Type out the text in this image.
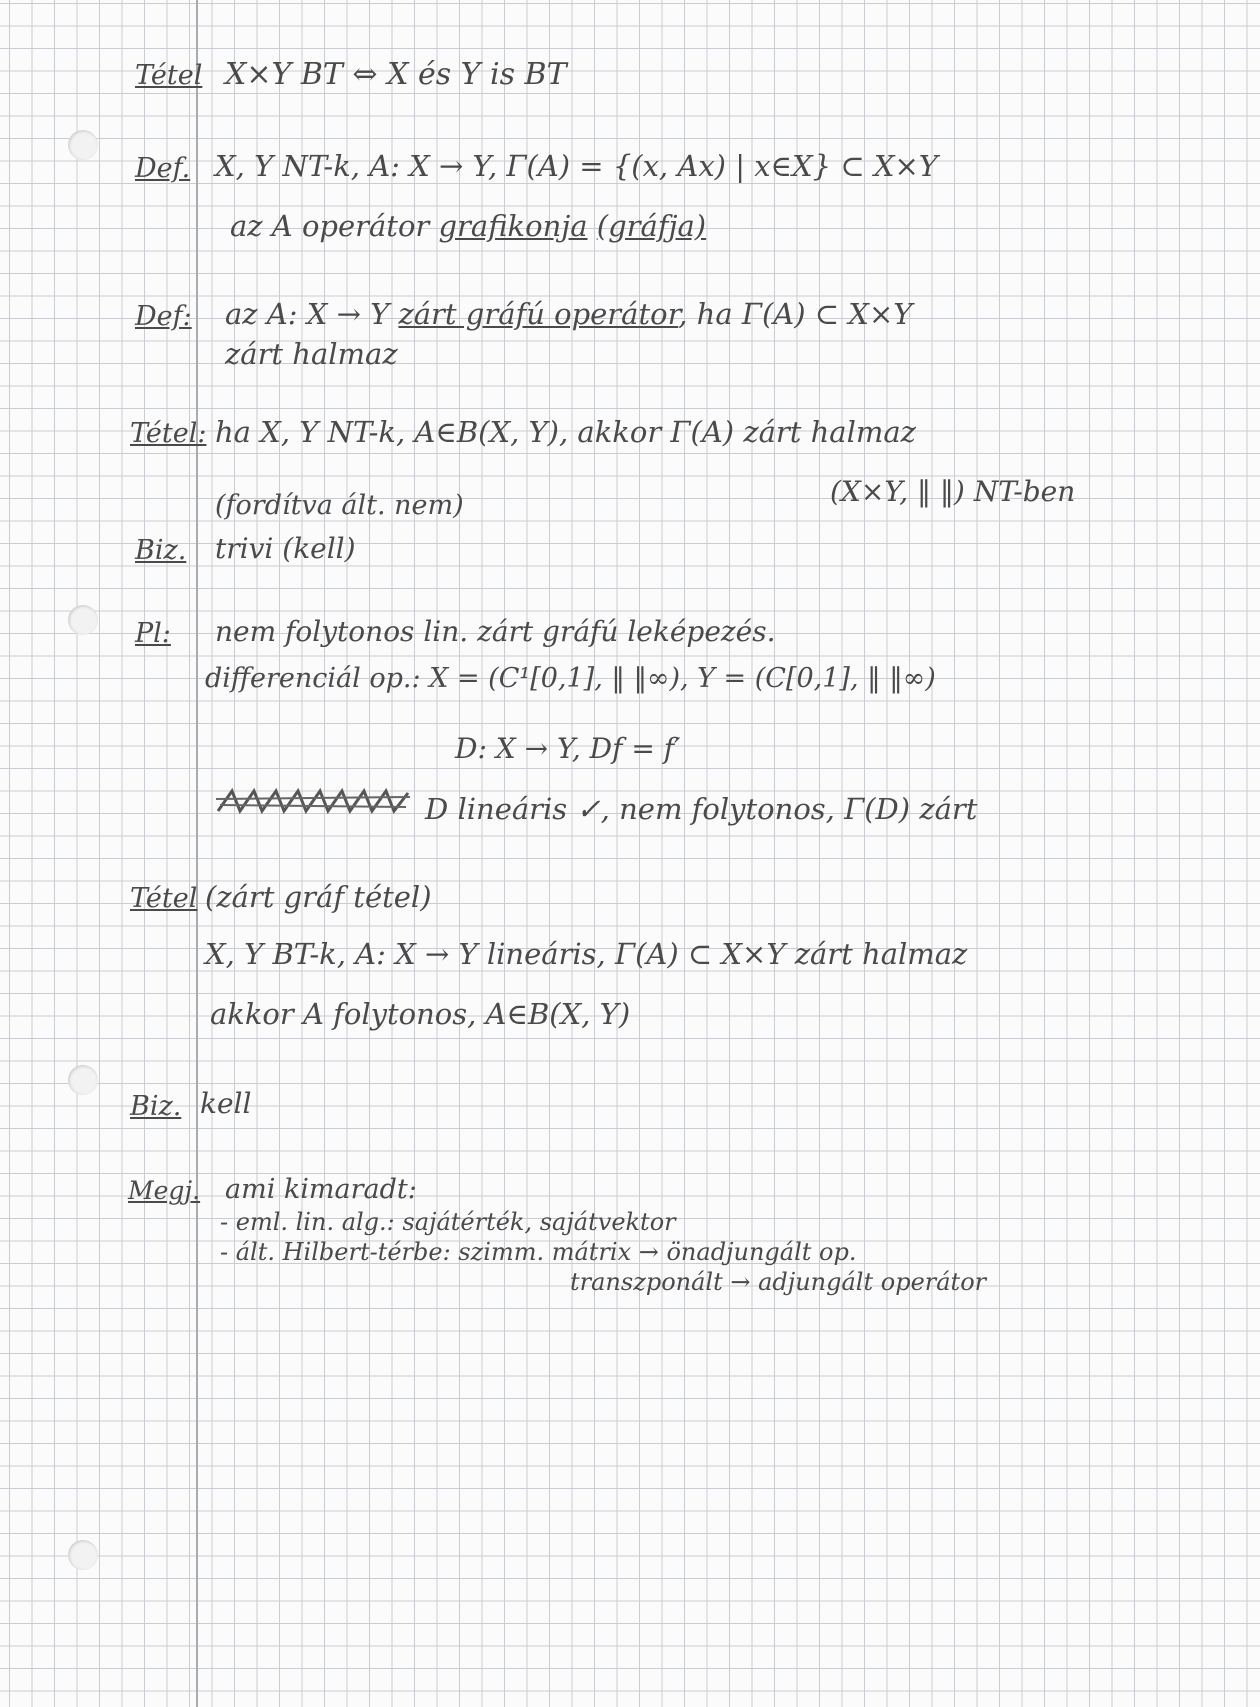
Tétel X×Y BT ⇔ X és Y is BT

Def. X, Y NT-k, A: X → Y, Γ(A) = {(x, Ax) | x∈X} ⊂ X×Y

az A operátor grafikonja (gráfja)

Def: az A: X → Y zárt gráfú operátor, ha Γ(A) ⊂ X×Y

zárt halmaz

Tétel: ha X, Y NT-k, A∈B(X, Y), akkor Γ(A) zárt halmaz

(X×Y, ‖ ‖) NT-ben

(fordítva ált. nem)

Biz. trivi (kell)

Pl: nem folytonos lin. zárt gráfú leképezés.

differenciál op.: X = (C¹[0,1], ‖ ‖∞), Y = (C[0,1], ‖ ‖∞)

D: X → Y, Df = f′

D lineáris ✓, nem folytonos, Γ(D) zárt

Tétel (zárt gráf tétel)

X, Y BT-k, A: X → Y lineáris, Γ(A) ⊂ X×Y zárt halmaz

akkor A folytonos, A∈B(X, Y)

Biz. kell

Megj. ami kimaradt:

- eml. lin. alg.: sajátérték, sajátvektor

- ált. Hilbert-térbe: szimm. mátrix → önadjungált op.

transzponált → adjungált operátor
